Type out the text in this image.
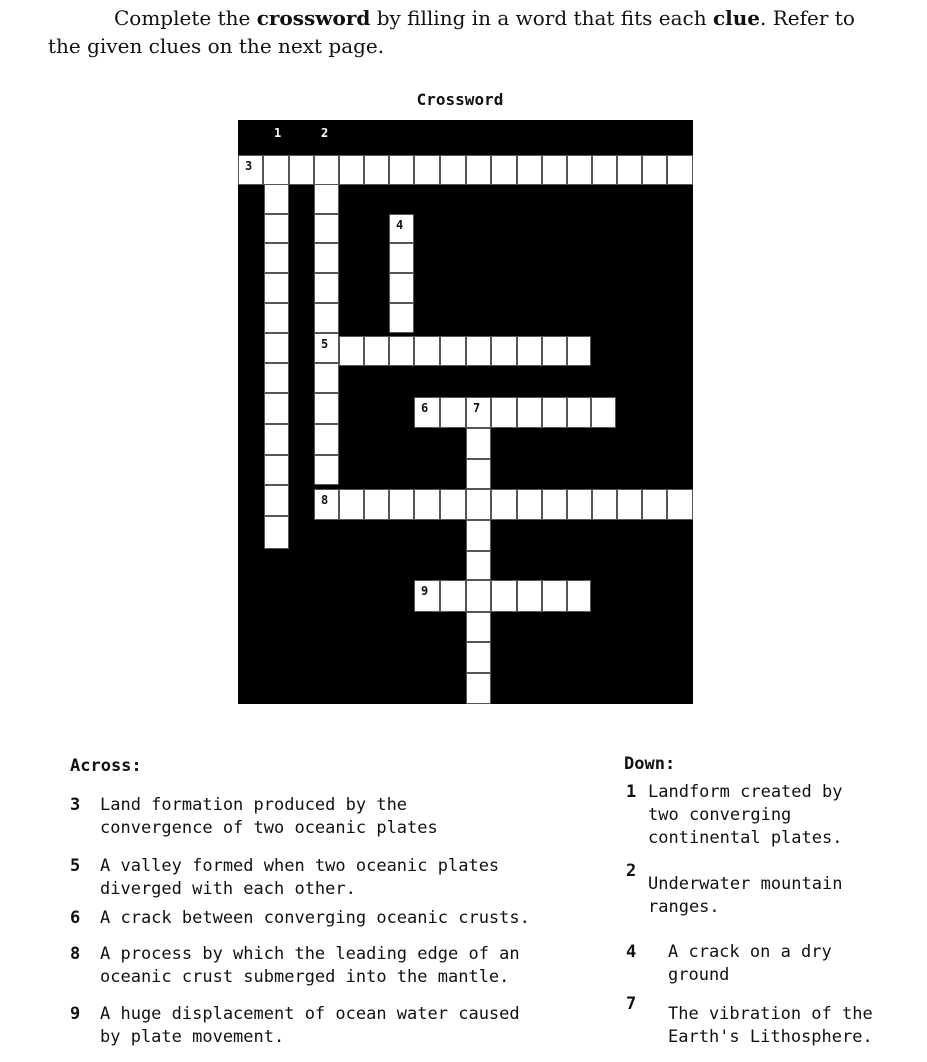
Complete the crossword by filling in a word that fits each clue. Refer to the given clues on the next page.

Crossword
1	2
3
5
4
6	7
8
9
Across:	Down:
3	Land formation produced by the
convergence of two oceanic plates
5	A valley formed when two oceanic plates
diverged with each other.
6	A crack between converging oceanic crusts.
8	A process by which the leading edge of an
oceanic crust submerged into the mantle.
9	A huge displacement of ocean water caused
by plate movement.
1 Landform created by
two converging
continental plates.
2
Underwater mountain
ranges.
4	A crack on a dry
ground
7	The vibration of the
Earth's Lithosphere.
